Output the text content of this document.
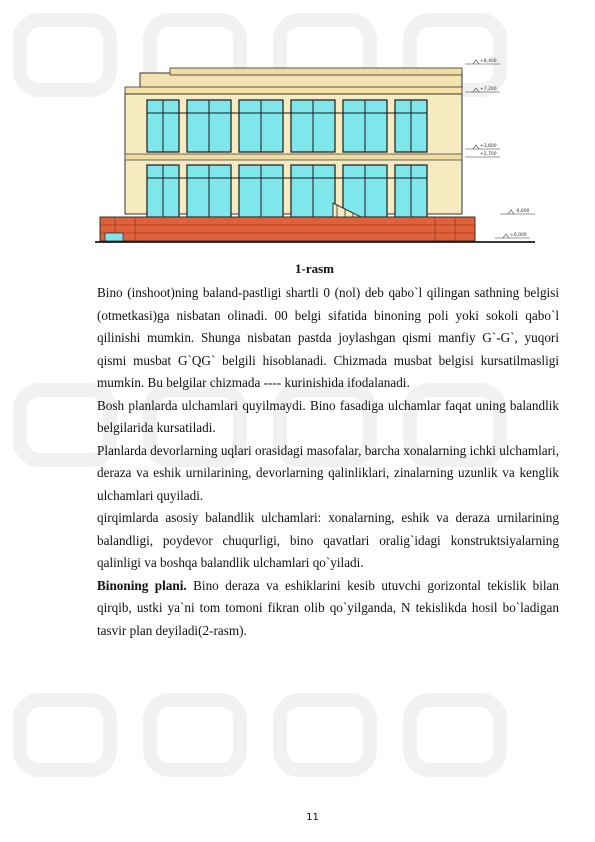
+8,400
+7,200
+3,600
+2,700
-0,600
+0,000
1-rasm

Bino (inshoot)ning baland-pastligi shartli 0 (nol) deb qabo`l qilingan sathning belgisi (otmetkasi)ga nisbatan olinadi. 00 belgi sifatida binoning poli yoki sokoli qabo`l qilinishi mumkin. Shunga nisbatan pastda joylashgan qismi manfiy G`-G`, yuqori qismi musbat G`QG` belgili hisoblanadi. Chizmada musbat belgisi kursatilmasligi mumkin. Bu belgilar chizmada ---- kurinishida ifodalanadi.

Bosh planlarda ulchamlari quyilmaydi. Bino fasadiga ulchamlar faqat uning balandlik belgilarida kursatiladi.

Planlarda devorlarning uqlari orasidagi masofalar, barcha xonalarning ichki ulchamlari, deraza va eshik urnilarining, devorlarning qalinliklari, zinalarning uzunlik va kenglik ulchamlari quyiladi.

qirqimlarda asosiy balandlik ulchamlari: xonalarning, eshik va deraza urnilarining balandligi, poydevor chuqurligi, bino qavatlari oralig`idagi konstruktsiyalarning qalinligi va boshqa balandlik ulchamlari qo`yiladi.

Binoning plani. Bino deraza va eshiklarini kesib utuvchi gorizontal tekislik bilan qirqib, ustki ya`ni tom tomoni fikran olib qo`yilganda, N tekislikda hosil bo`ladigan tasvir plan deyiladi(2-rasm).

11
